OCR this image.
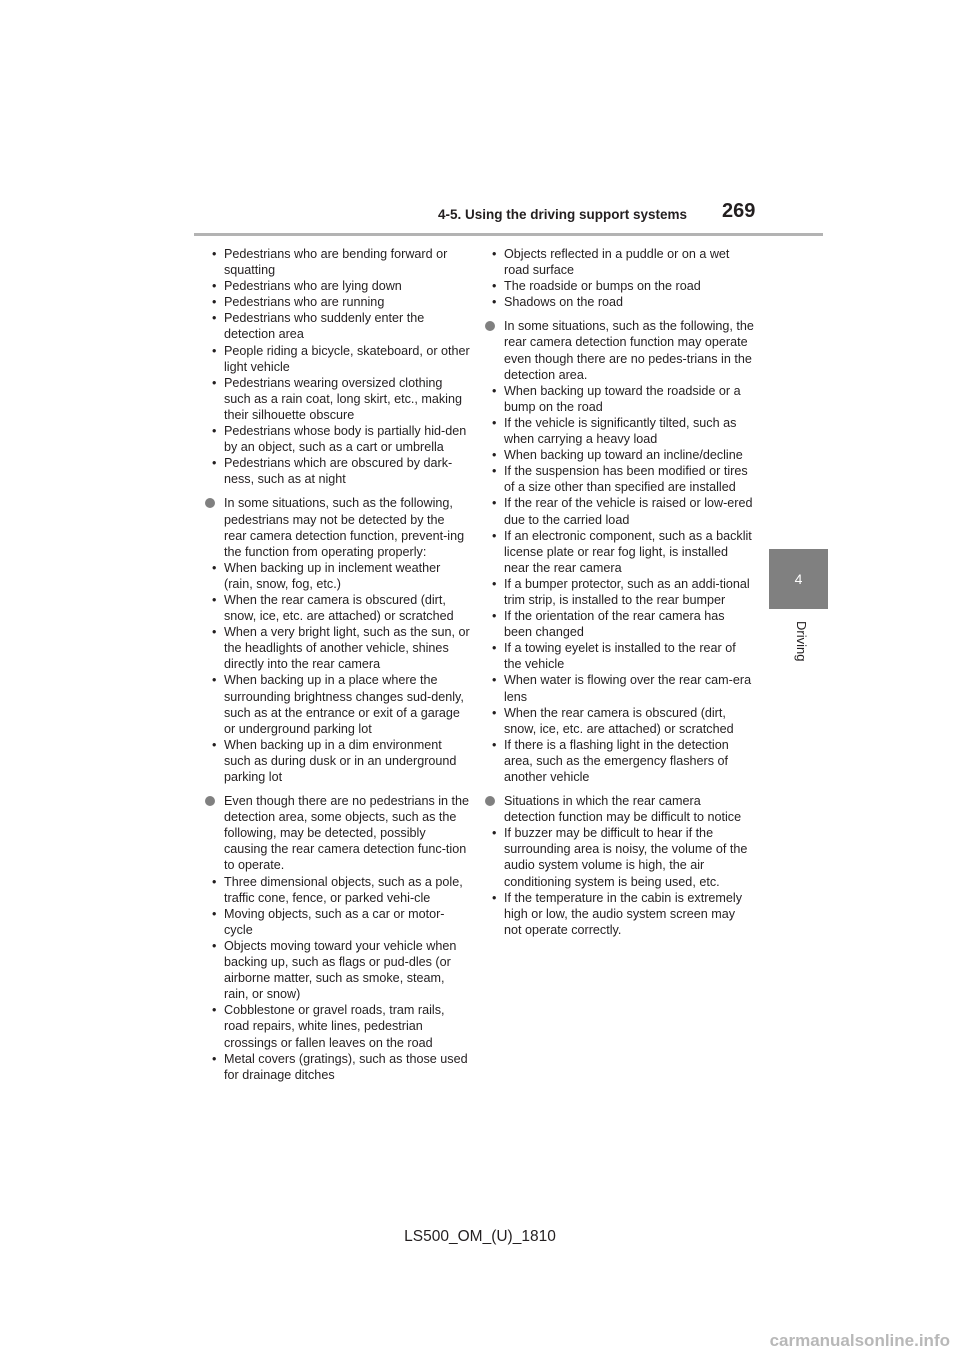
4-5. Using the driving support systems 269
4
Driving
• Pedestrians who are bending forward or squatting
• Pedestrians who are lying down
• Pedestrians who are running
• Pedestrians who suddenly enter the detection area
• People riding a bicycle, skateboard, or other light vehicle
• Pedestrians wearing oversized clothing such as a rain coat, long skirt, etc., making their silhouette obscure
• Pedestrians whose body is partially hid-den by an object, such as a cart or umbrella
• Pedestrians which are obscured by dark-ness, such as at night
In some situations, such as the following, pedestrians may not be detected by the rear camera detection function, prevent-ing the function from operating properly:
• When backing up in inclement weather (rain, snow, fog, etc.)
• When the rear camera is obscured (dirt, snow, ice, etc. are attached) or scratched
• When a very bright light, such as the sun, or the headlights of another vehicle, shines directly into the rear camera
• When backing up in a place where the surrounding brightness changes sud-denly, such as at the entrance or exit of a garage or underground parking lot
• When backing up in a dim environment such as during dusk or in an underground parking lot
Even though there are no pedestrians in the detection area, some objects, such as the following, may be detected, possibly causing the rear camera detection func-tion to operate.
• Three dimensional objects, such as a pole, traffic cone, fence, or parked vehi-cle
• Moving objects, such as a car or motor-cycle
• Objects moving toward your vehicle when backing up, such as flags or pud-dles (or airborne matter, such as smoke, steam, rain, or snow)
• Cobblestone or gravel roads, tram rails, road repairs, white lines, pedestrian crossings or fallen leaves on the road
• Metal covers (gratings), such as those used for drainage ditches
• Objects reflected in a puddle or on a wet road surface
• The roadside or bumps on the road
• Shadows on the road
In some situations, such as the following, the rear camera detection function may operate even though there are no pedes-trians in the detection area.
• When backing up toward the roadside or a bump on the road
• If the vehicle is significantly tilted, such as when carrying a heavy load
• When backing up toward an incline/decline
• If the suspension has been modified or tires of a size other than specified are installed
• If the rear of the vehicle is raised or low-ered due to the carried load
• If an electronic component, such as a backlit license plate or rear fog light, is installed near the rear camera
• If a bumper protector, such as an addi-tional trim strip, is installed to the rear bumper
• If the orientation of the rear camera has been changed
• If a towing eyelet is installed to the rear of the vehicle
• When water is flowing over the rear cam-era lens
• When the rear camera is obscured (dirt, snow, ice, etc. are attached) or scratched
• If there is a flashing light in the detection area, such as the emergency flashers of another vehicle
Situations in which the rear camera detection function may be difficult to notice
• If buzzer may be difficult to hear if the surrounding area is noisy, the volume of the audio system volume is high, the air conditioning system is being used, etc.
• If the temperature in the cabin is extremely high or low, the audio system screen may not operate correctly.
LS500_OM_(U)_1810
carmanualsonline.info
